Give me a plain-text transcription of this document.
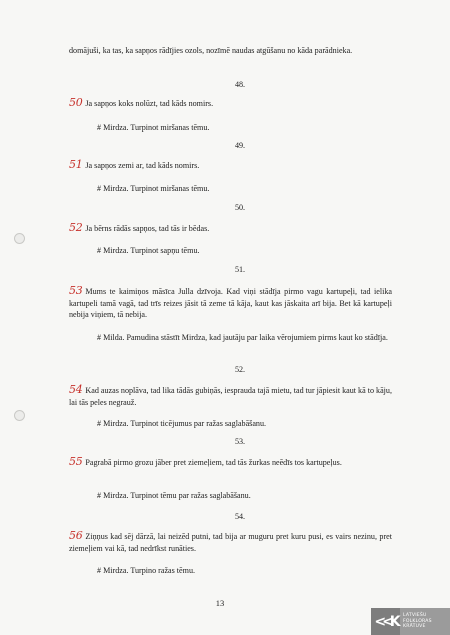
domājuši, ka tas, ka sapņos rādījies ozols, nozīmē naudas atgūšanu no kāda parādnieka.
48.
50 Ja sapņos koks nolūzt, tad kāds nomirs.
# Mirdza. Turpinot miršanas tēmu.
49.
51 Ja sapņos zemi ar, tad kāds nomirs.
# Mirdza. Turpinot miršanas tēmu.
50.
52 Ja bērns rādās sapņos, tad tās ir bēdas.
# Mirdza. Turpinot sapņu tēmu.
51.
53 Mums te kaimiņos māsīca Julla dzīvoja. Kad viņi stādīja pirmo vagu kartupeļi, tad ielika kartupeli tamā vagā, tad trīs reizes jāsit tā zeme tā kāja, kaut kas jāskaita arī bija. Bet kā kartupeļi nebija viņiem, tā nebija.
# Milda. Pamudina stāstīt Mirdza, kad jautāju par laika vērojumiem pirms kaut ko stādīja.
52.
54 Kad auzas noplāva, tad lika tādās gubiņās, iesprauda tajā mietu, tad tur jāpiesit kaut kā to kāju, lai tās peles negrauž.
# Mirdza. Turpinot ticējumus par ražas saglabāšanu.
53.
55 Pagrabā pirmo grozu jāber pret ziemeļiem, tad tās žurkas neēdīs tos kartupeļus.
# Mirdza. Turpinot tēmu par ražas saglabāšanu.
54.
56 Ziņņus kad sēj dārzā, lai neizēd putni, tad bija ar muguru pret kuru pusi, es vairs nezinu, pret ziemeļiem vai kā, tad nedrīkst runāties.
# Mirdza. Turpino ražas tēmu.
13
<<K	LATVIEŠU
FOLKLORAS
KRĀTUVE
